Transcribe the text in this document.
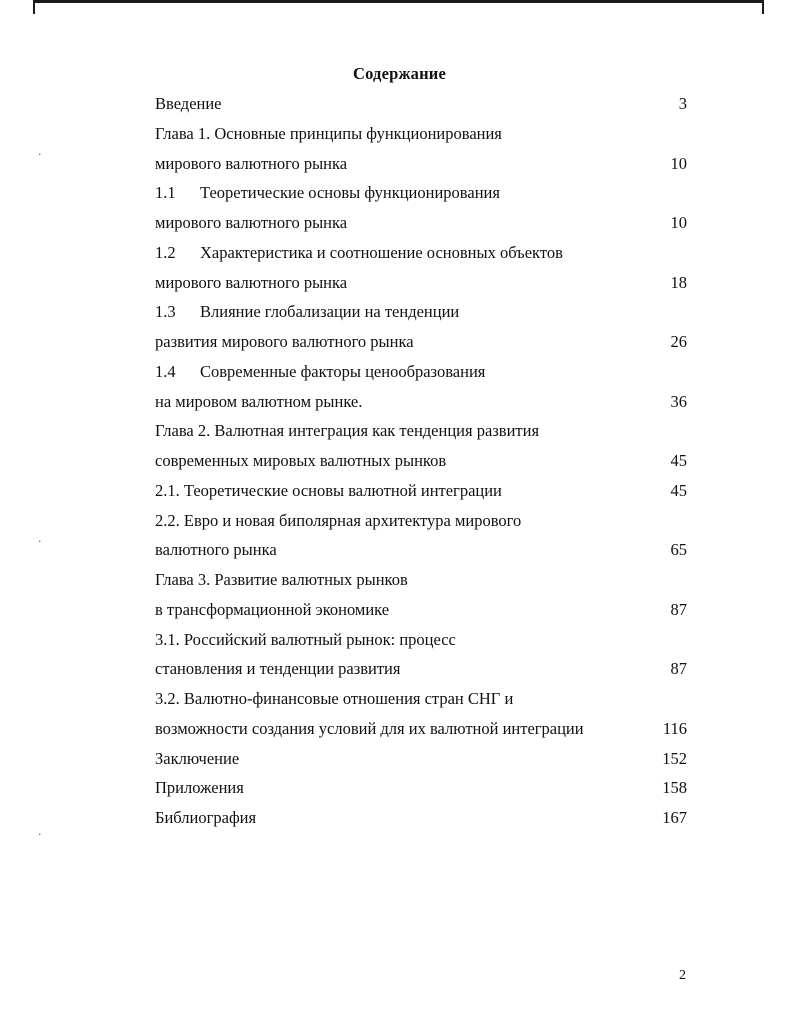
·
·
·
Содержание
Введение	3
Глава 1. Основные принципы функционирования
мирового валютного рынка	10
1.1 Теоретические основы функционирования
мирового валютного рынка	10
1.2 Характеристика и соотношение основных объектов
мирового валютного рынка	18
1.3 Влияние глобализации на тенденции
развития мирового валютного рынка	26
1.4 Современные факторы ценообразования
на мировом валютном рынке.	36
Глава 2. Валютная интеграция как тенденция развития
современных мировых валютных рынков	45
2.1. Теоретические основы валютной интеграции	45
2.2. Евро и новая биполярная архитектура мирового
валютного рынка	65
Глава 3. Развитие валютных рынков
в трансформационной экономике	87
3.1. Российский валютный рынок: процесс
становления и тенденции развития	87
3.2. Валютно-финансовые отношения стран СНГ и
возможности создания условий для их валютной интеграции	116
Заключение	152
Приложения	158
Библиография	167
2
